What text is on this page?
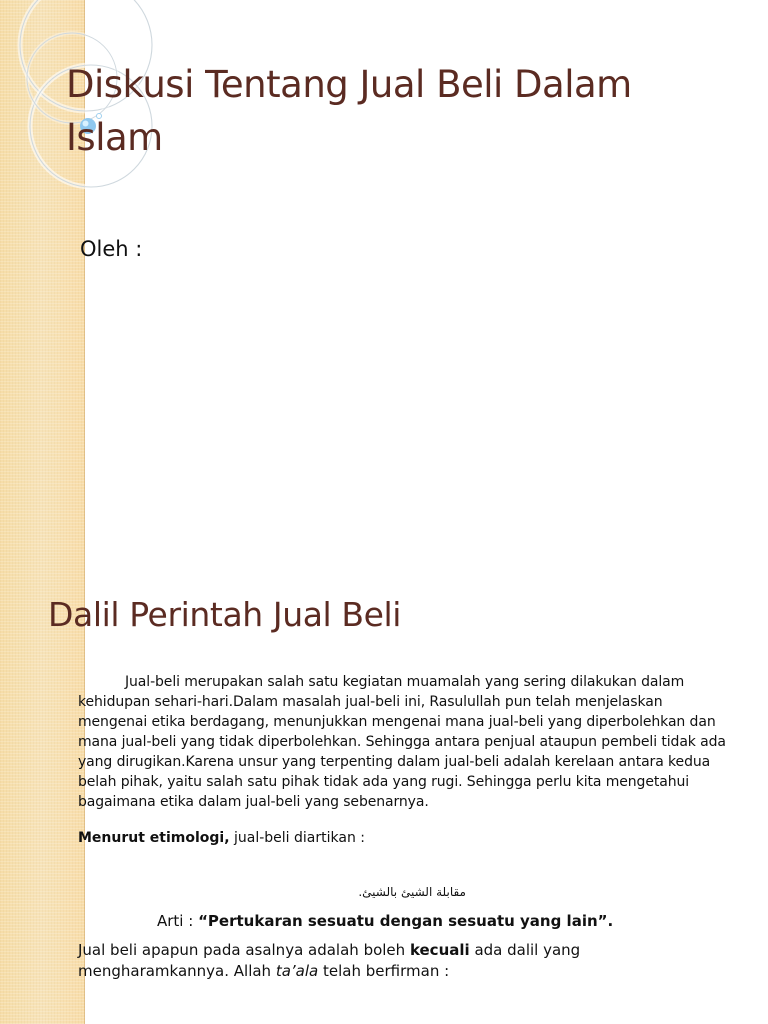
Diskusi Tentang Jual Beli Dalam Islam
Oleh :
Dalil Perintah Jual Beli

Jual-beli merupakan salah satu kegiatan muamalah yang sering dilakukan dalam kehidupan sehari-hari.Dalam masalah jual-beli ini, Rasulullah pun telah menjelaskan mengenai etika berdagang, menunjukkan mengenai mana jual-beli yang diperbolehkan dan mana jual-beli yang tidak diperbolehkan. Sehingga antara penjual ataupun pembeli tidak ada yang dirugikan.Karena unsur yang terpenting dalam jual-beli adalah kerelaan antara kedua belah pihak, yaitu salah satu pihak tidak ada yang rugi. Sehingga perlu kita mengetahui bagaimana etika dalam jual-beli yang sebenarnya.

Menurut etimologi, jual-beli diartikan :

مقابلة الشيئ بالشيئ.

Arti : “Pertukaran sesuatu dengan sesuatu yang lain”.

Jual beli apapun pada asalnya adalah boleh kecuali ada dalil yang mengharamkannya. Allah ta’ala telah berfirman :
